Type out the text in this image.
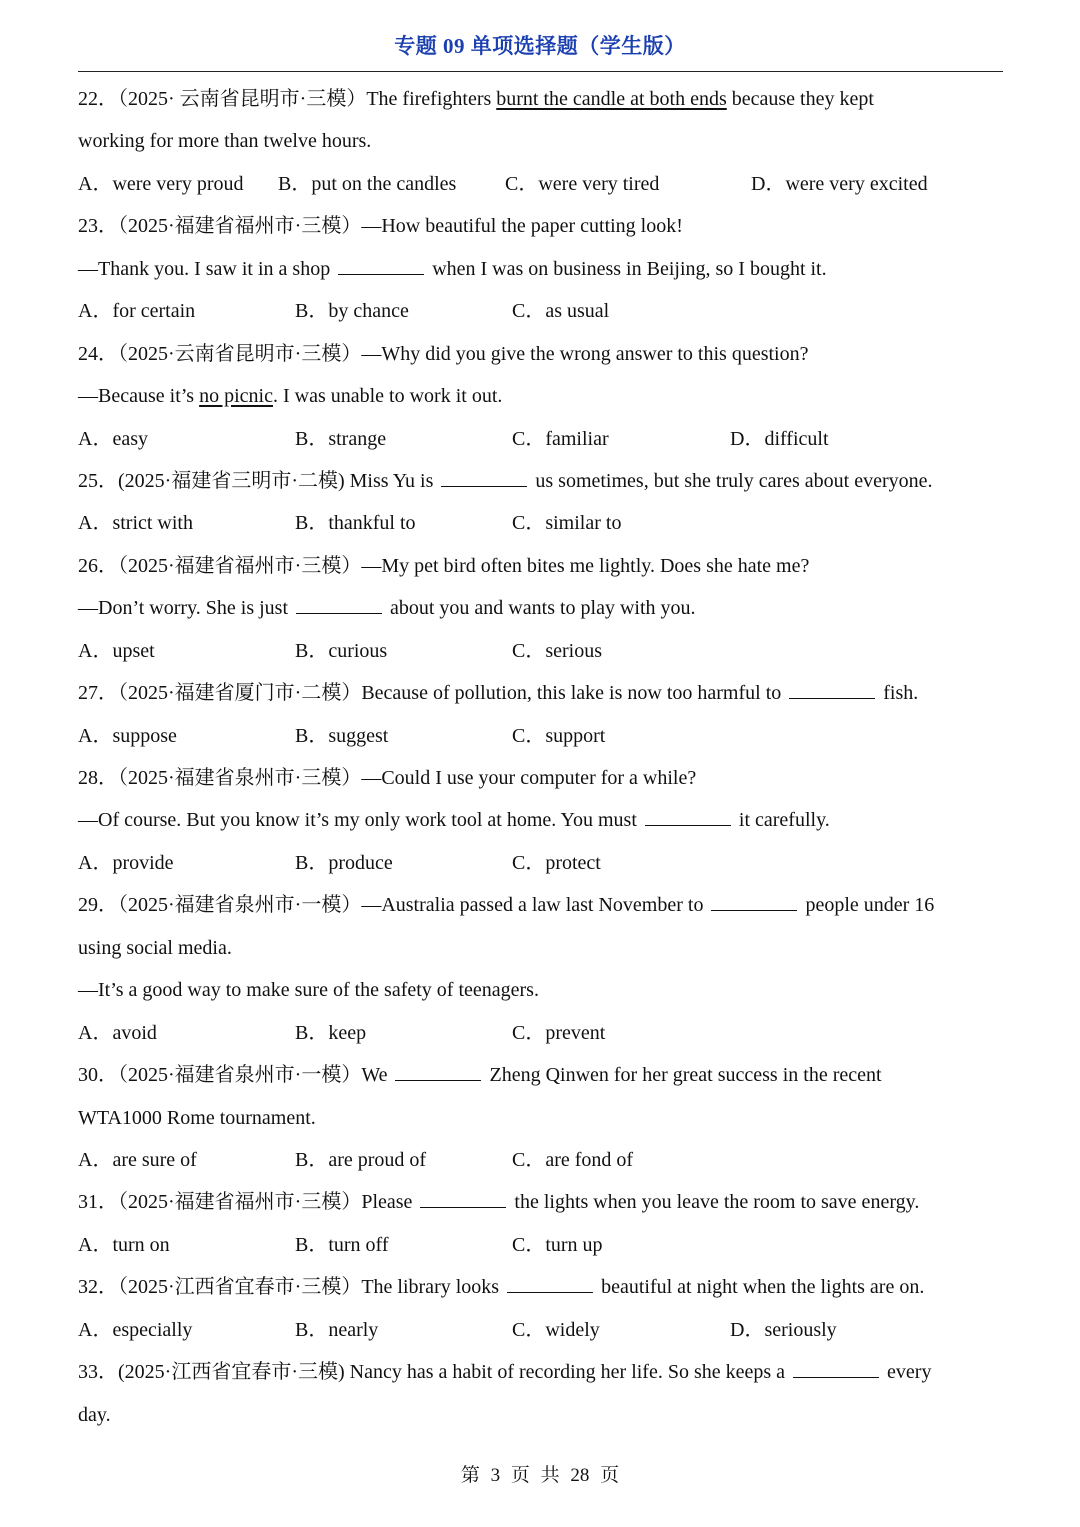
专题 09 单项选择题（学生版）
22．（2025· 云南省昆明市·三模）The firefighters burnt the candle at both ends because they kept
working for more than twelve hours.
A．were very proud B．put on the candles C．were very tired	D．were very excited
23．（2025·福建省福州市·三模）—How beautiful the paper cutting look!
—Thank you. I saw it in a shop	when I was on business in Beijing, so I bought it.
A．for certain	B．by chance	C．as usual
24．（2025·云南省昆明市·三模）—Why did you give the wrong answer to this question?
—Because it’s no picnic. I was unable to work it out.
A．easy	B．strange	C．familiar	D．difficult
25．(2025·福建省三明市·二模) Miss Yu is	us sometimes, but she truly cares about everyone.
A．strict with	B．thankful to	C．similar to
26．（2025·福建省福州市·三模）—My pet bird often bites me lightly. Does she hate me?
—Don’t worry. She is just	about you and wants to play with you.
A．upset	B．curious	C．serious
27．（2025·福建省厦门市·二模）Because of pollution, this lake is now too harmful to	fish.
A．suppose	B．suggest	C．support
28．（2025·福建省泉州市·三模）—Could I use your computer for a while?
—Of course. But you know it’s my only work tool at home. You must	it carefully.
A．provide	B．produce	C．protect
29．（2025·福建省泉州市·一模）—Australia passed a law last November to	people under 16
using social media.
—It’s a good way to make sure of the safety of teenagers.
A．avoid	B．keep	C．prevent
30．（2025·福建省泉州市·一模）We	Zheng Qinwen for her great success in the recent
WTA1000 Rome tournament.
A．are sure of	B．are proud of	C．are fond of
31．（2025·福建省福州市·三模）Please	the lights when you leave the room to save energy.
A．turn on	B．turn off	C．turn up
32．（2025·江西省宜春市·三模）The library looks	beautiful at night when the lights are on.
A．especially	B．nearly	C．widely	D．seriously
33．(2025·江西省宜春市·三模) Nancy has a habit of recording her life. So she keeps a	every
day.
第 3 页 共 28 页
